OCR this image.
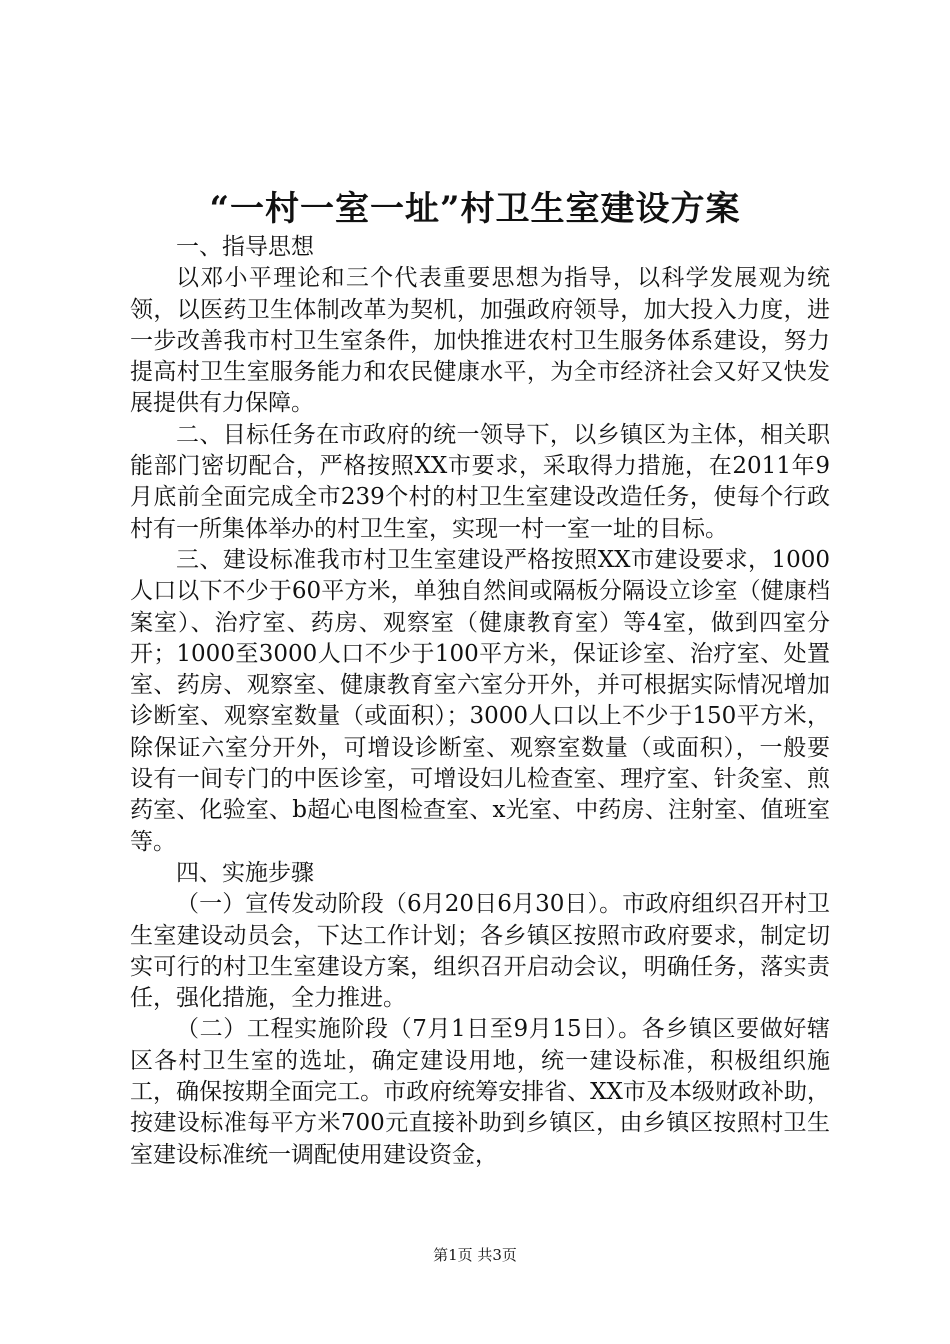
“一村一室一址”村卫生室建设方案

一、指导思想

以邓小平理论和三个代表重要思想为指导，以科学发展观为统领，以医药卫生体制改革为契机，加强政府领导，加大投入力度，进一步改善我市村卫生室条件，加快推进农村卫生服务体系建设，努力提高村卫生室服务能力和农民健康水平，为全市经济社会又好又快发展提供有力保障。

二、目标任务在市政府的统一领导下，以乡镇区为主体，相关职能部门密切配合，严格按照XX市要求，采取得力措施，在2011年9月底前全面完成全市239个村的村卫生室建设改造任务，使每个行政村有一所集体举办的村卫生室，实现一村一室一址的目标。

三、建设标准我市村卫生室建设严格按照XX市建设要求，1000人口以下不少于60平方米，单独自然间或隔板分隔设立诊室（健康档案室）、治疗室、药房、观察室（健康教育室）等4室，做到四室分开；1000至3000人口不少于100平方米，保证诊室、治疗室、处置室、药房、观察室、健康教育室六室分开外，并可根据实际情况增加诊断室、观察室数量（或面积）；3000人口以上不少于150平方米，除保证六室分开外，可增设诊断室、观察室数量（或面积），一般要设有一间专门的中医诊室，可增设妇儿检查室、理疗室、针灸室、煎药室、化验室、b超心电图检查室、x光室、中药房、注射室、值班室等。

四、实施步骤

（一）宣传发动阶段（6月20日6月30日）。市政府组织召开村卫生室建设动员会，下达工作计划；各乡镇区按照市政府要求，制定切实可行的村卫生室建设方案，组织召开启动会议，明确任务，落实责任，强化措施，全力推进。

（二）工程实施阶段（7月1日至9月15日）。各乡镇区要做好辖区各村卫生室的选址，确定建设用地，统一建设标准，积极组织施工，确保按期全面完工。市政府统筹安排省、XX市及本级财政补助，按建设标准每平方米700元直接补助到乡镇区，由乡镇区按照村卫生室建设标准统一调配使用建设资金，

第1页 共3页
